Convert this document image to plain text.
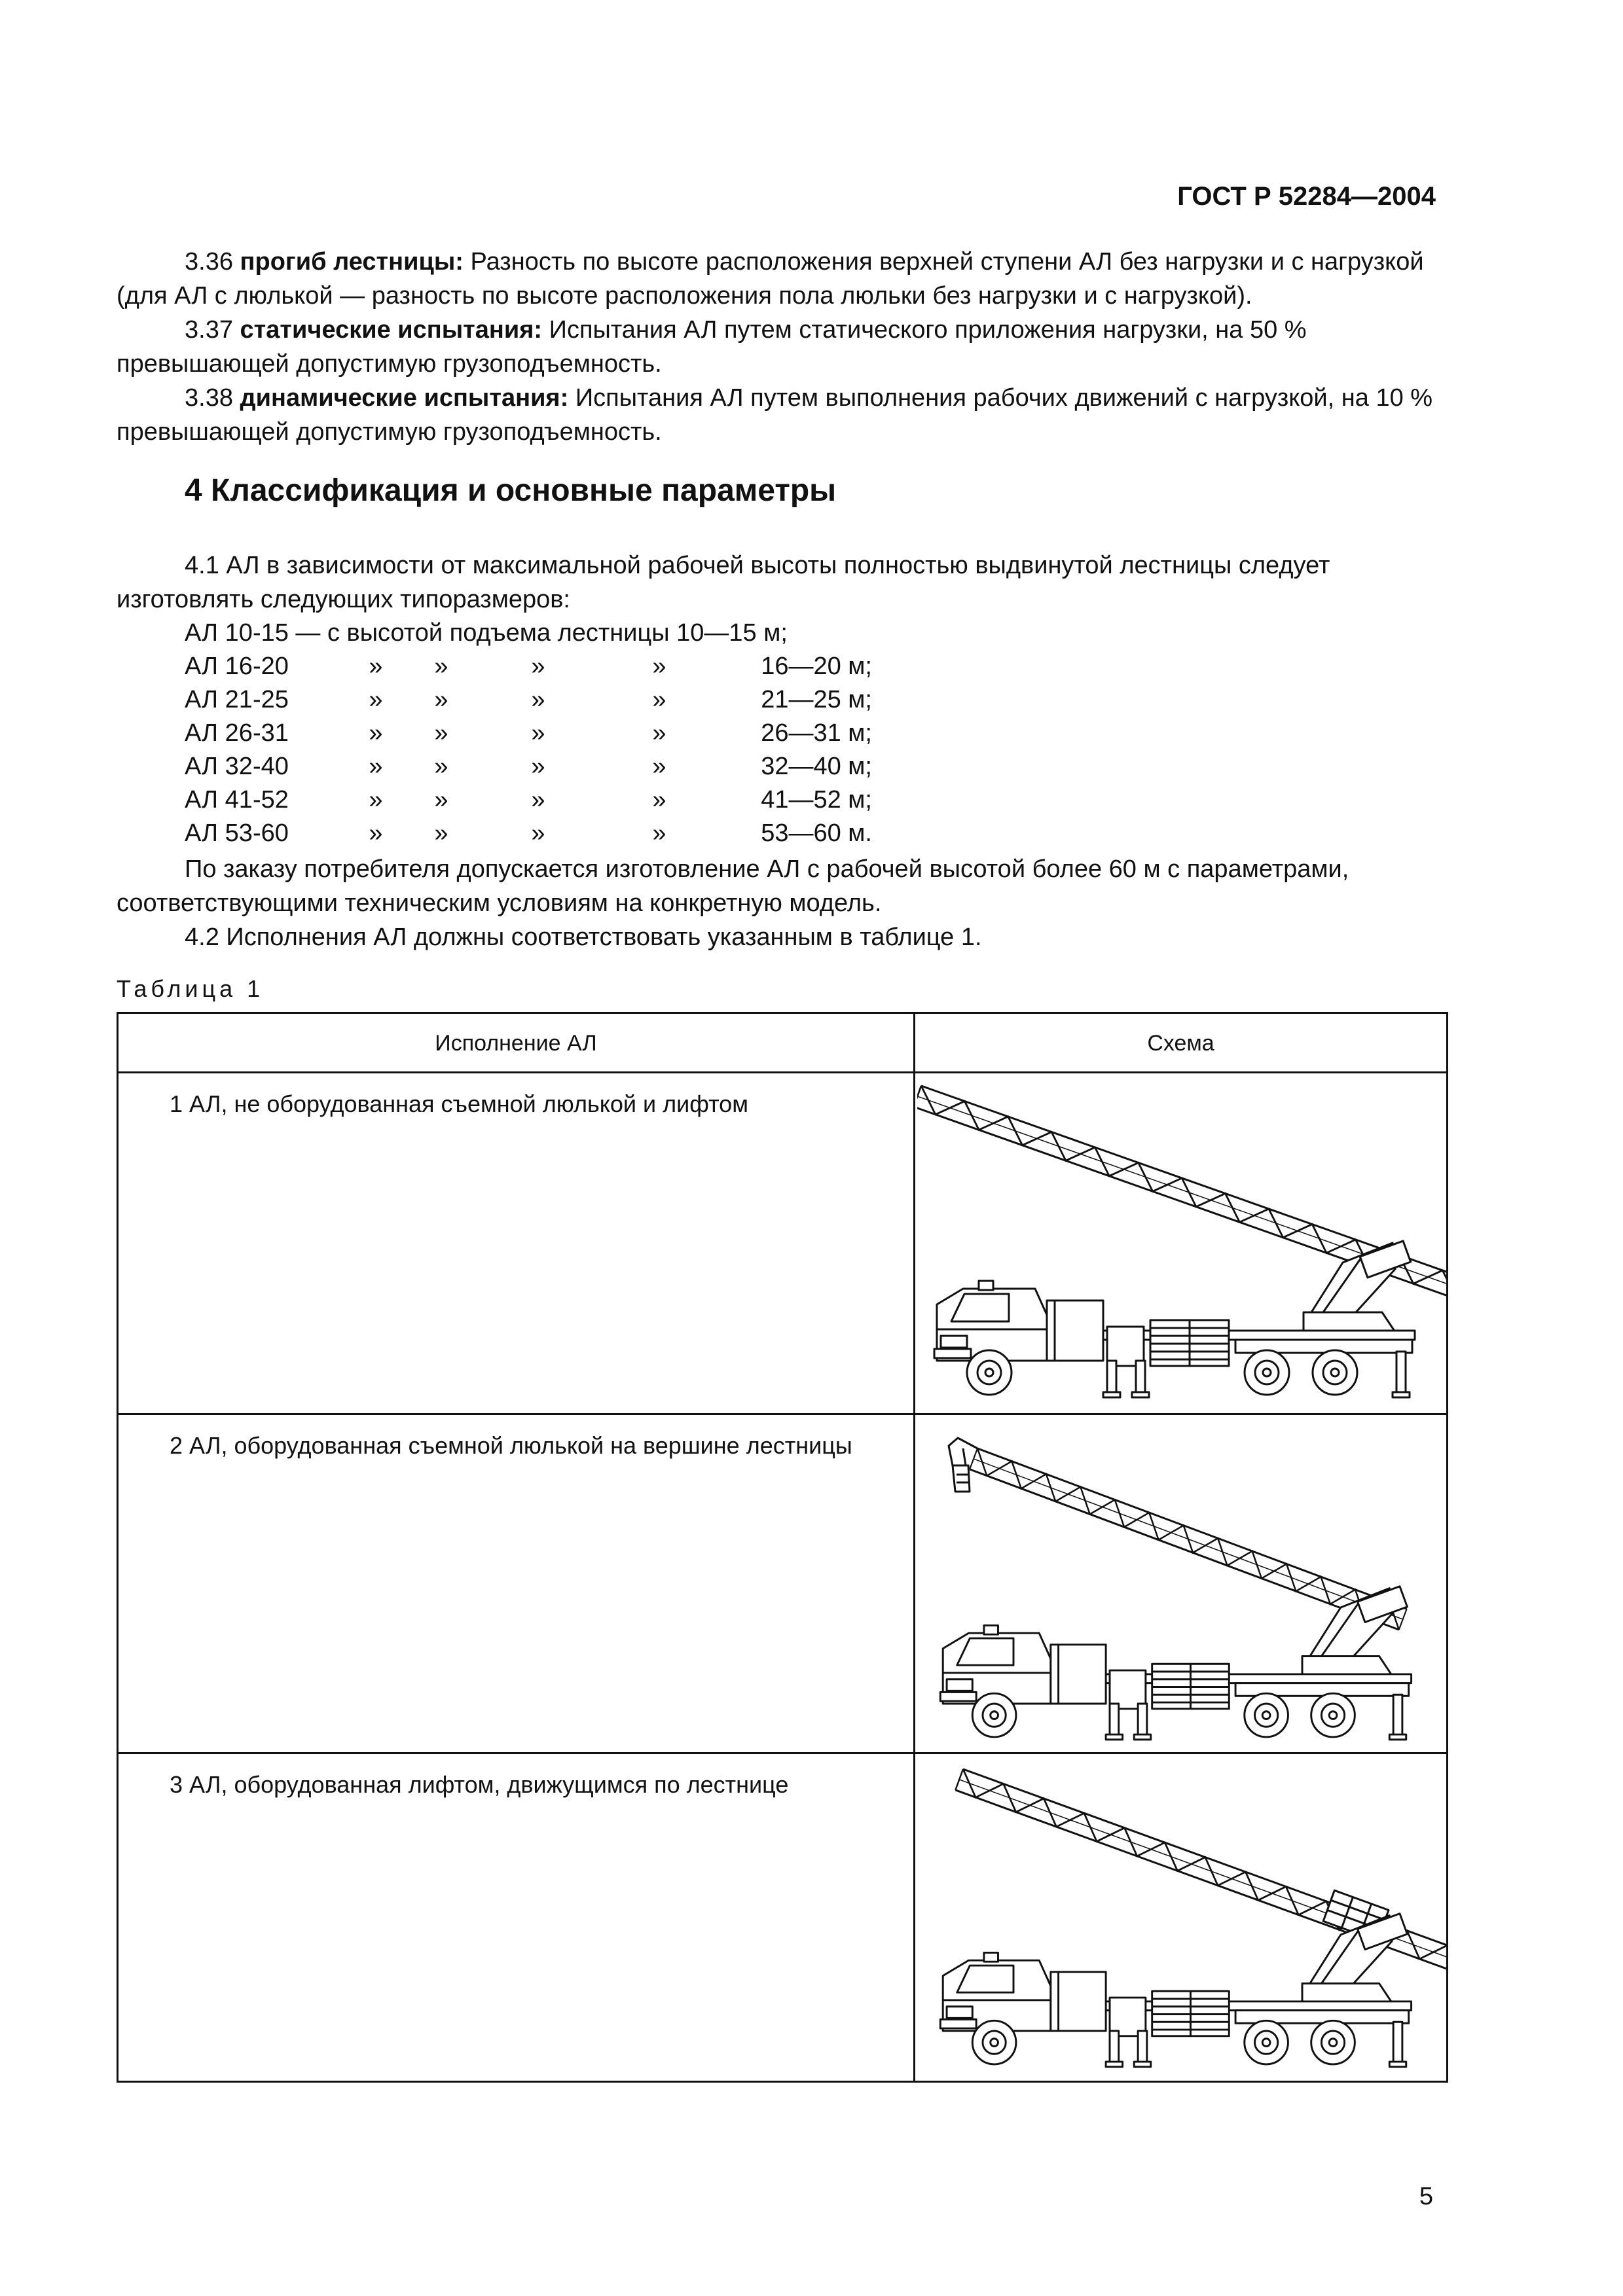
ГОСТ Р 52284—2004

3.36 прогиб лестницы: Разность по высоте расположения верхней ступени АЛ без нагрузки и с нагрузкой (для АЛ с люлькой — разность по высоте расположения пола люльки без нагрузки и с нагрузкой).

3.37 статические испытания: Испытания АЛ путем статического приложения нагрузки, на 50 % превышающей допустимую грузоподъемность.

3.38 динамические испытания: Испытания АЛ путем выполнения рабочих движений с нагрузкой, на 10 % превышающей допустимую грузоподъемность.

4 Классификация и основные параметры

4.1 АЛ в зависимости от максимальной рабочей высоты полностью выдвинутой лестницы следует изготовлять следующих типоразмеров:

АЛ 10-15 — с высотой подъема лестницы 10—15 м;					
АЛ 16-20	»	»	»	»	16—20 м;
АЛ 21-25	»	»	»	»	21—25 м;
АЛ 26-31	»	»	»	»	26—31 м;
АЛ 32-40	»	»	»	»	32—40 м;
АЛ 41-52	»	»	»	»	41—52 м;
АЛ 53-60	»	»	»	»	53—60 м.

По заказу потребителя допускается изготовление АЛ с рабочей высотой более 60 м с параметрами, соответствующими техническим условиям на конкретную модель.

4.2 Исполнения АЛ должны соответствовать указанным в таблице 1.

Таблица 1
Исполнение АЛ	Схема
1 АЛ, не оборудованная съемной люлькой и лифтом
2 АЛ, оборудованная съемной люлькой на вершине лестницы
3 АЛ, оборудованная лифтом, движущимся по лестнице
5
